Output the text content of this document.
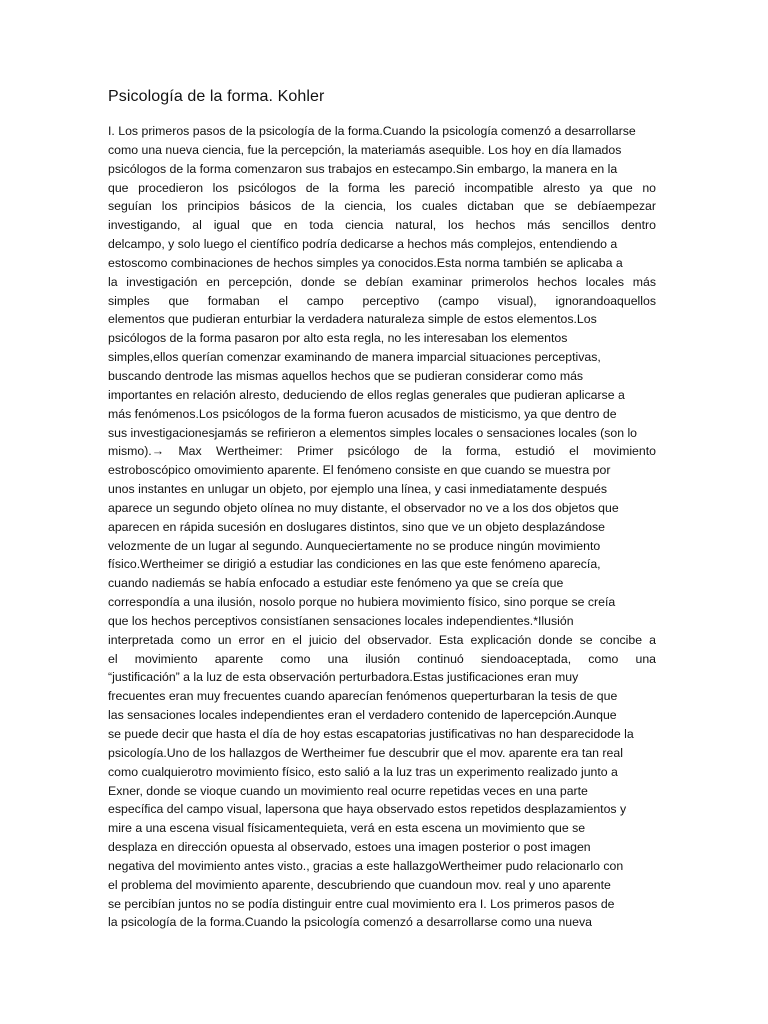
Psicología de la forma. Kohler
I. Los primeros pasos de la psicología de la forma.Cuando la psicología comenzó a desarrollarse
como una nueva ciencia, fue la percepción, la materiamás asequible. Los hoy en día llamados
psicólogos de la forma comenzaron sus trabajos en estecampo.Sin embargo, la manera en la
que procedieron los psicólogos de la forma les pareció incompatible alresto ya que no
seguían los principios básicos de la ciencia, los cuales dictaban que se debíaempezar
investigando, al igual que en toda ciencia natural, los hechos más sencillos dentro
delcampo, y solo luego el científico podría dedicarse a hechos más complejos, entendiendo a
estoscomo combinaciones de hechos simples ya conocidos.Esta norma también se aplicaba a
la investigación en percepción, donde se debían examinar primerolos hechos locales más
simples que formaban el campo perceptivo (campo visual), ignorandoaquellos
elementos que pudieran enturbiar la verdadera naturaleza simple de estos elementos.Los
psicólogos de la forma pasaron por alto esta regla, no les interesaban los elementos
simples,ellos querían comenzar examinando de manera imparcial situaciones perceptivas,
buscando dentrode las mismas aquellos hechos que se pudieran considerar como más
importantes en relación alresto, deduciendo de ellos reglas generales que pudieran aplicarse a
más fenómenos.Los psicólogos de la forma fueron acusados de misticismo, ya que dentro de
sus investigacionesjamás se refirieron a elementos simples locales o sensaciones locales (son lo
mismo).→ Max Wertheimer: Primer psicólogo de la forma, estudió el movimiento
estroboscópico omovimiento aparente. El fenómeno consiste en que cuando se muestra por
unos instantes en unlugar un objeto, por ejemplo una línea, y casi inmediatamente después
aparece un segundo objeto olínea no muy distante, el observador no ve a los dos objetos que
aparecen en rápida sucesión en doslugares distintos, sino que ve un objeto desplazándose
velozmente de un lugar al segundo. Aunqueciertamente no se produce ningún movimiento
físico.Wertheimer se dirigió a estudiar las condiciones en las que este fenómeno aparecía,
cuando nadiemás se había enfocado a estudiar este fenómeno ya que se creía que
correspondía a una ilusión, nosolo porque no hubiera movimiento físico, sino porque se creía
que los hechos perceptivos consistíanen sensaciones locales independientes.*Ilusión
interpretada como un error en el juicio del observador. Esta explicación donde se concibe a
el movimiento aparente como una ilusión continuó siendoaceptada, como una
“justificación” a la luz de esta observación perturbadora.Estas justificaciones eran muy
frecuentes eran muy frecuentes cuando aparecían fenómenos queperturbaran la tesis de que
las sensaciones locales independientes eran el verdadero contenido de lapercepción.Aunque
se puede decir que hasta el día de hoy estas escapatorias justificativas no han desparecidode la
psicología.Uno de los hallazgos de Wertheimer fue descubrir que el mov. aparente era tan real
como cualquierotro movimiento físico, esto salió a la luz tras un experimento realizado junto a
Exner, donde se vioque cuando un movimiento real ocurre repetidas veces en una parte
específica del campo visual, lapersona que haya observado estos repetidos desplazamientos y
mire a una escena visual físicamentequieta, verá en esta escena un movimiento que se
desplaza en dirección opuesta al observado, estoes una imagen posterior o post imagen
negativa del movimiento antes visto., gracias a este hallazgoWertheimer pudo relacionarlo con
el problema del movimiento aparente, descubriendo que cuandoun mov. real y uno aparente
se percibían juntos no se podía distinguir entre cual movimiento era I. Los primeros pasos de
la psicología de la forma.Cuando la psicología comenzó a desarrollarse como una nueva
